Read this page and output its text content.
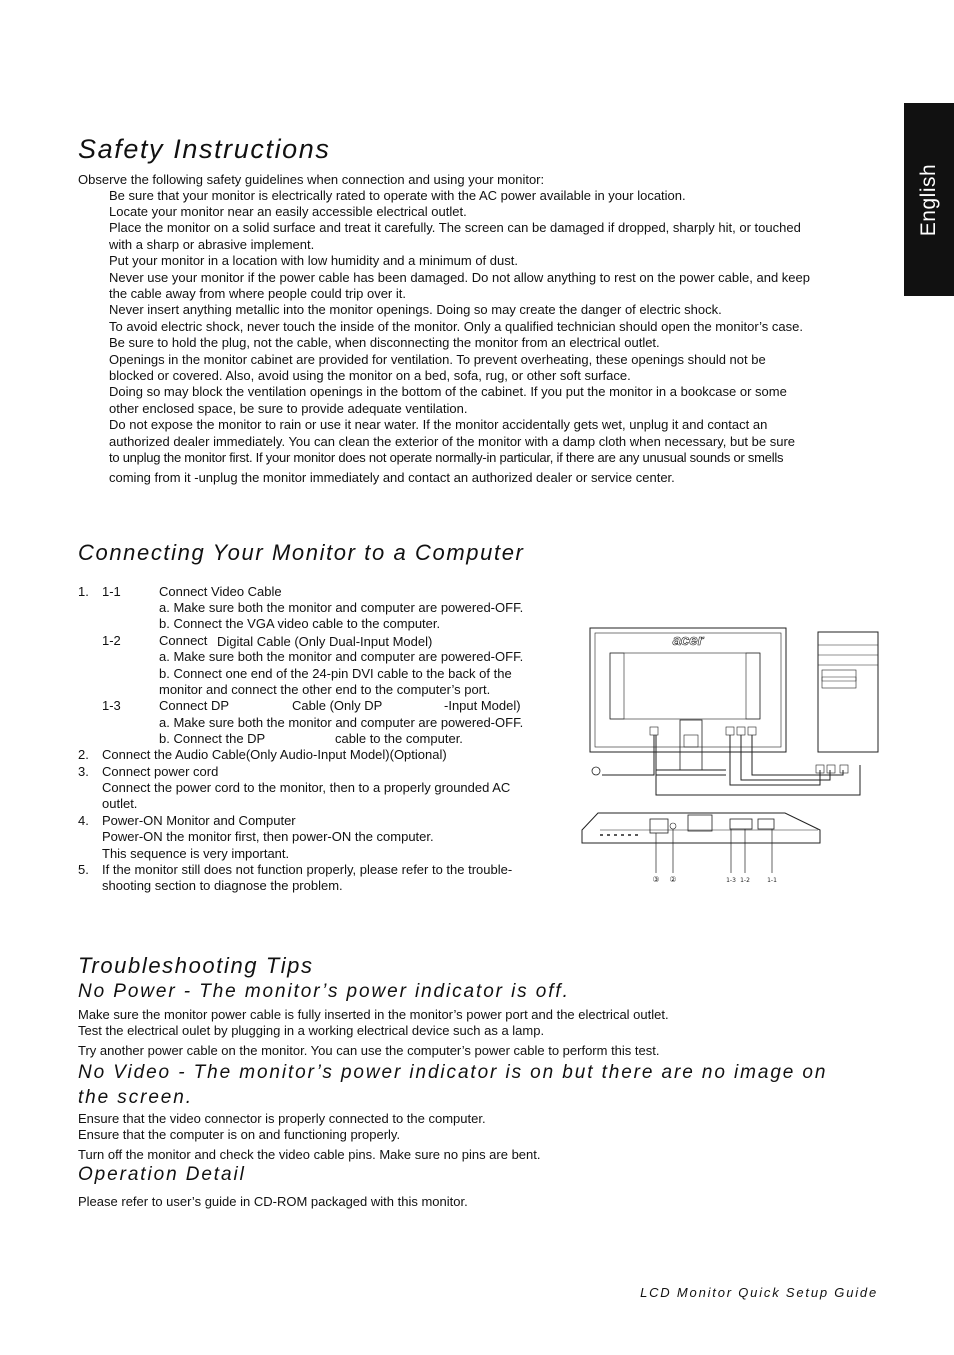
English
Safety Instructions
Observe the following safety guidelines when connection and using your monitor:
Be sure that your monitor is electrically rated to operate with the AC power available in your location.
Locate your monitor near an easily accessible electrical outlet.
Place the monitor on a solid surface and treat it carefully. The screen can be damaged if dropped, sharply hit, or touched
with a sharp or abrasive implement.
Put your monitor in a location with low humidity and a minimum of dust.
Never use your monitor if the power cable has been damaged. Do not allow anything to rest on the power cable, and keep
the cable away from where people could trip over it.
Never insert anything metallic into the monitor openings. Doing so may create the danger of electric shock.
To avoid electric shock, never touch the inside of the monitor. Only a qualified technician should open the monitor’s case.
Be sure to hold the plug, not the cable, when disconnecting the monitor from an electrical outlet.
Openings in the monitor cabinet are provided for ventilation. To prevent overheating, these openings should not be
blocked or covered. Also, avoid using the monitor on a bed, sofa, rug, or other soft surface.
Doing so may block the ventilation openings in the bottom of the cabinet. If you put the monitor in a bookcase or some
other enclosed space, be sure to provide adequate ventilation.
Do not expose the monitor to rain or use it near water. If the monitor accidentally gets wet, unplug it and contact an
authorized dealer immediately. You can clean the exterior of the monitor with a damp cloth when necessary, but be sure
to unplug the monitor first. If your monitor does not operate normally-in particular, if there are any unusual sounds or smells
coming from it -unplug the monitor immediately and contact an authorized dealer or service center.
Connecting Your Monitor to a Computer
1. 1-1	Connect Video Cable
a. Make sure both the monitor and computer are powered-OFF.
b. Connect the VGA video cable to the computer.
1-2	Connect Digital Cable (Only Dual-Input Model)
a. Make sure both the monitor and computer are powered-OFF.
b. Connect one end of the 24-pin DVI cable to the back of the
monitor and connect the other end to the computer’s port.
1-3	Connect DP	Cable (Only DP	-Input Model)
a. Make sure both the monitor and computer are powered-OFF.
b. Connect the DP	cable to the computer.
2. Connect the Audio Cable(Only Audio-Input Model)(Optional)
3. Connect power cord
Connect the power cord to the monitor, then to a properly grounded AC
outlet.
4. Power-ON Monitor and Computer
Power-ON the monitor first, then power-ON the computer.
This sequence is very important.
5. If the monitor still does not function properly, please refer to the trouble-
shooting section to diagnose the problem.
acer
③ ②	1-3 1-2	1-1
Troubleshooting Tips
No Power - The monitor’s power indicator is off.
Make sure the monitor power cable is fully inserted in the monitor’s power port and the electrical outlet.
Test the electrical oulet by plugging in a working electrical device such as a lamp.
Try another power cable on the monitor. You can use the computer’s power cable to perform this test.
No Video - The monitor’s power indicator is on but there are no image on the screen.
Ensure that the video connector is properly connected to the computer.
Ensure that the computer is on and functioning properly.
Turn off the monitor and check the video cable pins. Make sure no pins are bent.
Operation Detail
Please refer to user’s guide in CD-ROM packaged with this monitor.
LCD Monitor Quick Setup Guide
